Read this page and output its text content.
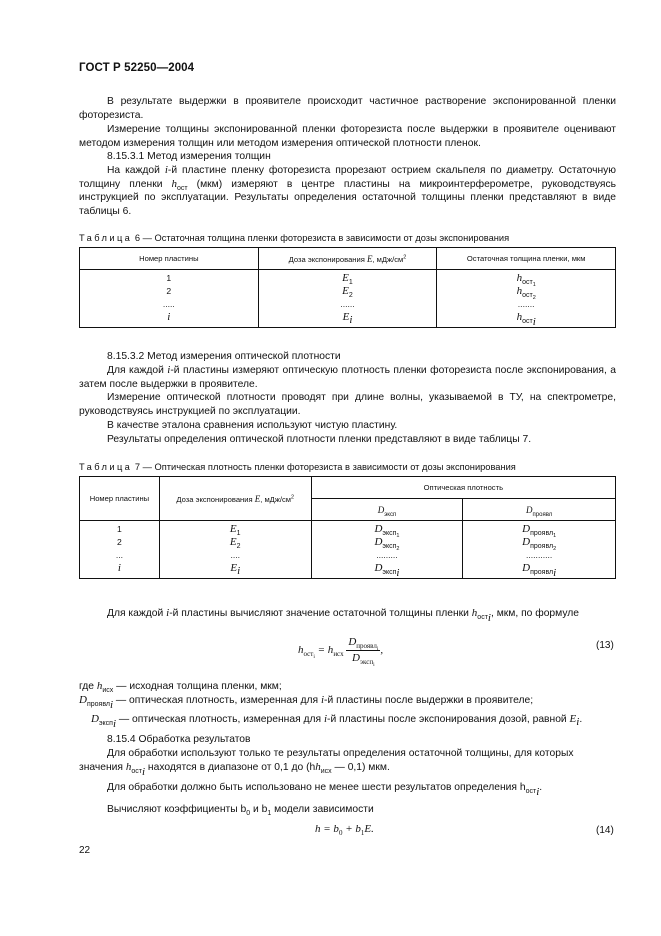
ГОСТ Р 52250—2004
В результате выдержки в проявителе происходит частичное растворение экспонированной пленки фоторезиста.
Измерение толщины экспонированной пленки фоторезиста после выдержки в проявителе оценивают методом измерения толщин или методом измерения оптической плотности пленок.
8.15.3.1 Метод измерения толщин
На каждой i-й пластине пленку фоторезиста прорезают острием скальпеля по диаметру. Остаточную толщину пленки $h_{ост}$ (мкм) измеряют в центре пластины на микроинтерферометре, руководствуясь инструкцией по эксплуатации. Результаты определения остаточной толщины пленки представляют в виде таблицы 6.
Таблица 6 — Остаточная толщина пленки фоторезиста в зависимости от дозы экспонирования
Номер пластины	Доза экспонирования E, мДж/$см^2$	Остаточная толщина пленки, мкм
1	$E_1$	$h_{ост_1}$
2	$E_2$	$h_{ост_2}$
.....	......	.......
i	$E_i$	$h_{ост_i}$
8.15.3.2 Метод измерения оптической плотности
Для каждой i-й пластины измеряют оптическую плотность пленки фоторезиста после экспонирования, а затем после выдержки в проявителе.
Измерение оптической плотности проводят при длине волны, указываемой в ТУ, на спектрометре, руководствуясь инструкцией по эксплуатации.
В качестве эталона сравнения используют чистую пластину.
Результаты определения оптической плотности пленки представляют в виде таблицы 7.
Таблица 7 — Оптическая плотность пленки фоторезиста в зависимости от дозы экспонирования
Номер пластины	Доза экспонирования E, мДж/$см^2$	Оптическая плотность	
		$D_{эксп}$	$D_{проявл}$
1	$E_1$	$D_{эксп_1}$	$D_{проявл_1}$
2	$E_2$	$D_{эксп_2}$	$D_{проявл_2}$
...	....	.........	...........
i	$E_i$	$D_{эксп_i}$	$D_{проявл_i}$
Для каждой i-й пластины вычисляют значение остаточной толщины пленки $h_{ост_i}$, мкм, по формуле
$h_{ост_i} = h_{исх} \frac{D_{проявл_i}}{D_{эксп_i}}$ ,	(13)
где $h_{исх}$ — исходная толщина пленки, мкм;
$D_{проявл_i}$ — оптическая плотность, измеренная для i-й пластины после выдержки в проявителе;
$D_{эксп_i}$ — оптическая плотность, измеренная для i-й пластины после экспонирования дозой, равной $E_i$.
8.15.4 Обработка результатов
Для обработки используют только те результаты определения остаточной толщины, для которых
значения $h_{ост_i}$ находятся в диапазоне от 0,1 до ($hh_{исх}$ — 0,1) мкм.
Для обработки должно быть использовано не менее шести результатов определения $h_{ост_i}$.
Вычисляют коэффициенты $b_0$ и $b_1$ модели зависимости
$h = b_0 + b_1E$.	(14)
22
